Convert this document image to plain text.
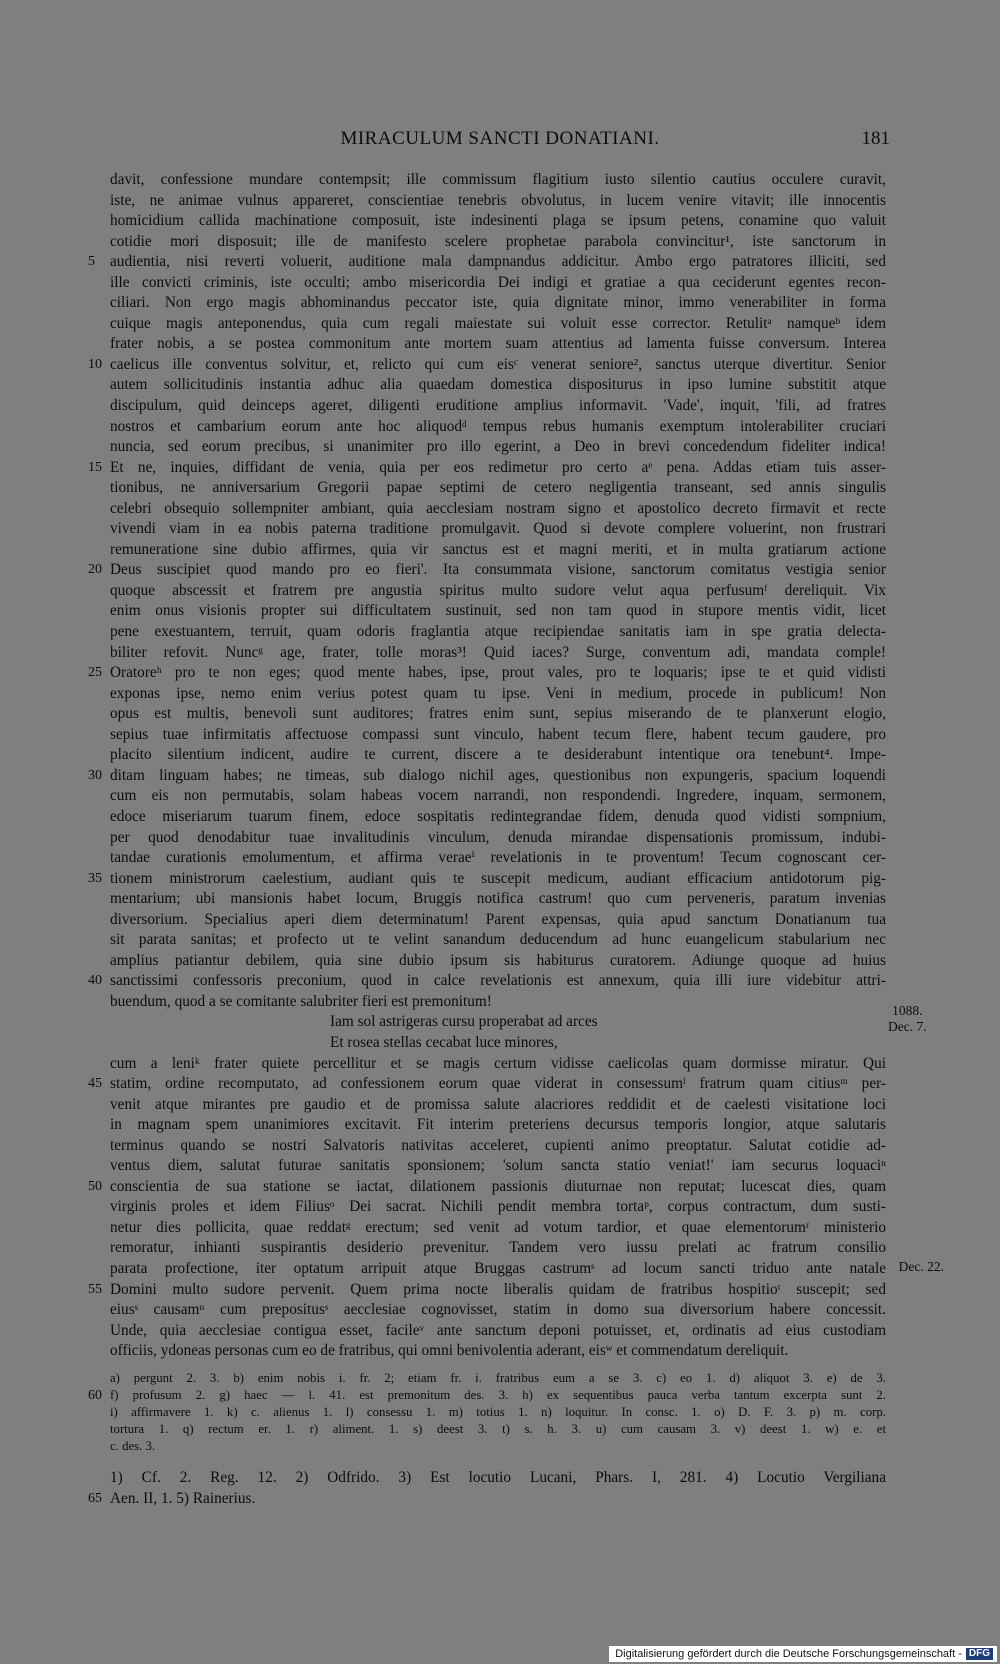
MIRACULUM SANCTI DONATIANI.	181
davit, confessione mundare contempsit; ille commissum flagitium iusto silentio cautius occulere curavit,
iste, ne animae vulnus appareret, conscientiae tenebris obvolutus, in lucem venire vitavit; ille innocentis
homicidium callida machinatione composuit, iste indesinenti plaga se ipsum petens, conamine quo valuit
cotidie mori disposuit; ille de manifesto scelere prophetae parabola convincitur¹, iste sanctorum in
5 audientia, nisi reverti voluerit, auditione mala dampnandus addicitur. Ambo ergo patratores illiciti, sed
ille convicti criminis, iste occulti; ambo misericordia Dei indigi et gratiae a qua ceciderunt egentes recon-
ciliari. Non ergo magis abhominandus peccator iste, quia dignitate minor, immo venerabiliter in forma
cuique magis anteponendus, quia cum regali maiestate sui voluit esse corrector. Retulitᵃ namqueᵇ idem
frater nobis, a se postea commonitum ante mortem suam attentius ad lamenta fuisse conversum. Interea
10 caelicus ille conventus solvitur, et, relicto qui cum eisᶜ venerat seniore², sanctus uterque divertitur. Senior
autem sollicitudinis instantia adhuc alia quaedam domestica dispositurus in ipso lumine substitit atque
discipulum, quid deinceps ageret, diligenti eruditione amplius informavit. 'Vade', inquit, 'fili, ad fratres
nostros et cambarium eorum ante hoc aliquodᵈ tempus rebus humanis exemptum intolerabiliter cruciari
nuncia, sed eorum precibus, si unanimiter pro illo egerint, a Deo in brevi concedendum fideliter indica!
15 Et ne, inquies, diffidant de venia, quia per eos redimetur pro certo aᵉ pena. Addas etiam tuis asser-
tionibus, ne anniversarium Gregorii papae septimi de cetero negligentia transeant, sed annis singulis
celebri obsequio sollempniter ambiant, quia aecclesiam nostram signo et apostolico decreto firmavit et recte
vivendi viam in ea nobis paterna traditione promulgavit. Quod si devote complere voluerint, non frustrari
remuneratione sine dubio affirmes, quia vir sanctus est et magni meriti, et in multa gratiarum actione
20 Deus suscipiet quod mando pro eo fieri'. Ita consummata visione, sanctorum comitatus vestigia senior
quoque abscessit et fratrem pre angustia spiritus multo sudore velut aqua perfusumᶠ dereliquit. Vix
enim onus visionis propter sui difficultatem sustinuit, sed non tam quod in stupore mentis vidit, licet
pene exestuantem, terruit, quam odoris fraglantia atque recipiendae sanitatis iam in spe gratia delecta-
biliter refovit. Nuncᵍ age, frater, tolle moras³! Quid iaces? Surge, conventum adi, mandata comple!
25 Oratoreʰ pro te non eges; quod mente habes, ipse, prout vales, pro te loquaris; ipse te et quid vidisti
exponas ipse, nemo enim verius potest quam tu ipse. Veni in medium, procede in publicum! Non
opus est multis, benevoli sunt auditores; fratres enim sunt, sepius miserando de te planxerunt elogio,
sepius tuae infirmitatis affectuose compassi sunt vinculo, habent tecum flere, habent tecum gaudere, pro
placito silentium indicent, audire te current, discere a te desiderabunt intentique ora tenebunt⁴. Impe-
30 ditam linguam habes; ne timeas, sub dialogo nichil ages, questionibus non expungeris, spacium loquendi
cum eis non permutabis, solam habeas vocem narrandi, non respondendi. Ingredere, inquam, sermonem,
edoce miseriarum tuarum finem, edoce sospitatis redintegrandae fidem, denuda quod vidisti sompnium,
per quod denodabitur tuae invalitudinis vinculum, denuda mirandae dispensationis promissum, indubi-
tandae curationis emolumentum, et affirma veraeⁱ revelationis in te proventum! Tecum cognoscant cer-
35 tionem ministrorum caelestium, audiant quis te suscepit medicum, audiant efficacium antidotorum pig-
mentarium; ubi mansionis habet locum, Bruggis notifica castrum! quo cum perveneris, paratum invenias
diversorium. Specialius aperi diem determinatum! Parent expensas, quia apud sanctum Donatianum tua
sit parata sanitas; et profecto ut te velint sanandum deducendum ad hunc euangelicum stabularium nec
amplius patiantur debilem, quia sine dubio ipsum sis habiturus curatorem. Adiunge quoque ad huius
40 sanctissimi confessoris preconium, quod in calce revelationis est annexum, quia illi iure videbitur attri-
buendum, quod a se comitante salubriter fieri est premonitum!
Iam sol astrigeras cursu properabat ad arces
Et rosea stellas cecabat luce minores,
cum a leniᵏ frater quiete percellitur et se magis certum vidisse caelicolas quam dormisse miratur. Qui
45 statim, ordine recomputato, ad confessionem eorum quae viderat in consessumˡ fratrum quam citiusᵐ per-
venit atque mirantes pre gaudio et de promissa salute alacriores reddidit et de caelesti visitatione loci
in magnam spem unanimiores excitavit. Fit interim preteriens decursus temporis longior, atque salutaris
terminus quando se nostri Salvatoris nativitas acceleret, cupienti animo preoptatur. Salutat cotidie ad-
ventus diem, salutat futurae sanitatis sponsionem; 'solum sancta statio veniat!' iam securus loquaciⁿ
50 conscientia de sua statione se iactat, dilationem passionis diuturnae non reputat; lucescat dies, quam
virginis proles et idem Filiusᵒ Dei sacrat. Nichili pendit membra tortaᵖ, corpus contractum, dum susti-
netur dies pollicita, quae reddatᵍ erectum; sed venit ad votum tardior, et quae elementorumʳ ministerio
remoratur, inhianti suspirantis desiderio prevenitur. Tandem vero iussu prelati ac fratrum consilio
parata profectione, iter optatum arripuit atque Bruggas castrumˢ ad locum sancti triduo ante natale Dec. 22.
55 Domini multo sudore pervenit. Quem prima nocte liberalis quidam de fratribus hospitioᵗ suscepit; sed
eiusˢ causamᵘ cum prepositusˢ aecclesiae cognovisset, statim in domo sua diversorium habere concessit.
Unde, quia aecclesiae contigua esset, facileᵛ ante sanctum deponi potuisset, et, ordinatis ad eius custodiam
officiis, ydoneas personas cum eo de fratribus, qui omni benivolentia aderant, eisʷ et commendatum dereliquit.
1088.
Dec. 7.
a) pergunt 2. 3. b) enim nobis i. fr. 2; etiam fr. i. fratribus eum a se 3. c) eo 1. d) aliquot 3. e) de 3.
60 f) profusum 2. g) haec — l. 41. est premonitum des. 3. h) ex sequentibus pauca verba tantum excerpta sunt 2.
i) affirmavere 1. k) c. alienus 1. l) consessu 1. m) totius 1. n) loquitur. In consc. 1. o) D. F. 3. p) m. corp.
tortura 1. q) rectum er. 1. r) aliment. 1. s) deest 3. t) s. h. 3. u) cum causam 3. v) deest 1. w) e. et
c. des. 3.
1) Cf. 2. Reg. 12. 2) Odfrido. 3) Est locutio Lucani, Phars. I, 281. 4) Locutio Vergiliana
65 Aen. II, 1. 5) Rainerius.
Digitalisierung gefördert durch die Deutsche Forschungsgemeinschaft - DFG
